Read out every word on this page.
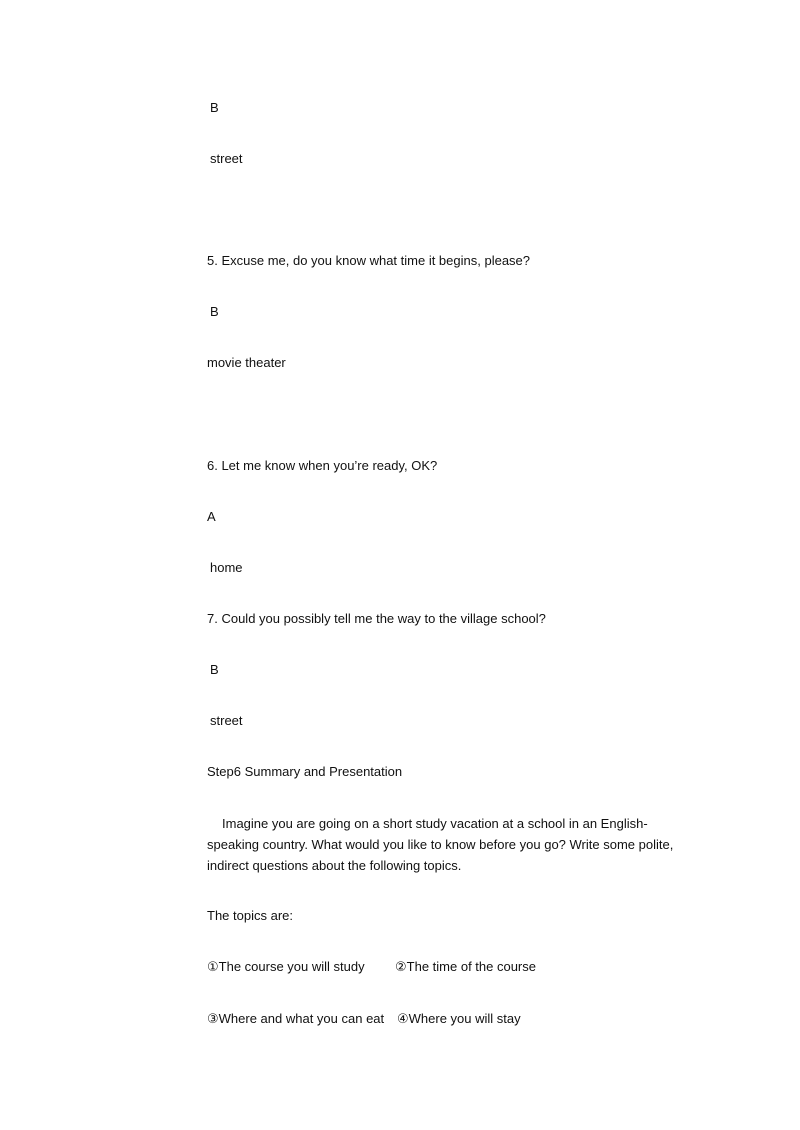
B
street
5. Excuse me, do you know what time it begins, please?
B
movie theater
6. Let me know when you’re ready, OK?
A
home
7. Could you possibly tell me the way to the village school?
B
street
Step6 Summary and Presentation
Imagine you are going on a short study vacation at a school in an English-speaking country. What would you like to know before you go? Write some polite, indirect questions about the following topics.
The topics are:
①The course you will study ②The time of the course
③Where and what you can eat ④Where you will stay
